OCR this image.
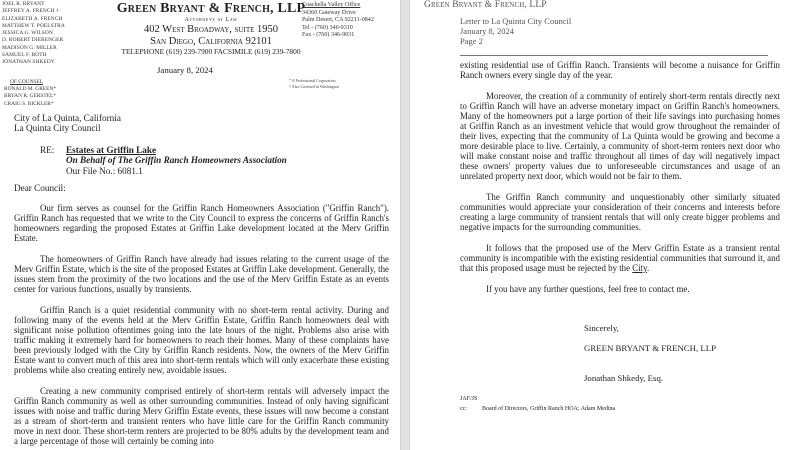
JOEL R. BRYANT
JEFFREY A. FRENCH †
ELIZABETH A. FRENCH
MATTHEW T. POELSTRA
JESSICA G. WILSON
D. ROBERT DIERENGER
MADISON G. MILLER
SAMUEL F. ROTH
JONATHAN SHKEDY
OF COUNSEL
RONALD M. GREEN*
BRYAN R. GERSTEL*
CRAIG S. BICKLER*
Green Bryant & French, LLP
Attorneys at Law
402 West Broadway, suite 1950
San Diego, California 92101
TELEPHONE (619) 239-7900 FACSIMILE (619) 239-7800
Coachella Valley Office
34360 Gateway Drive
Palm Desert, CA 92211-0842
Tel - (760) 346-9310
Fax - (760) 346-9031
* A Professional Corporation
† Also Licensed in Washington
January 8, 2024
City of La Quinta, California
La Quinta City Council
RE: Estates at Griffin Lake
On Behalf of The Griffin Ranch Homeowners Association
Our File No.: 6081.1
Dear Council:
Our firm serves as counsel for the Griffin Ranch Homeowners Association ("Griffin Ranch"). Griffin Ranch has requested that we write to the City Council to express the concerns of Griffin Ranch's homeowners regarding the proposed Estates at Griffin Lake development located at the Merv Griffin Estate.
The homeowners of Griffin Ranch have already had issues relating to the current usage of the Merv Griffin Estate, which is the site of the proposed Estates at Griffin Lake development. Generally, the issues stem from the proximity of the two locations and the use of the Merv Griffin Estate as an events center for various functions, usually by transients.
Griffin Ranch is a quiet residential community with no short-term rental activity. During and following many of the events held at the Merv Griffin Estate, Griffin Ranch homeowners deal with significant noise pollution oftentimes going into the late hours of the night. Problems also arise with traffic making it extremely hard for homeowners to reach their homes. Many of these complaints have been previously lodged with the City by Griffin Ranch residents. Now, the owners of the Merv Griffin Estate want to convert much of this area into short-term rentals which will only exacerbate these existing problems while also creating entirely new, avoidable issues.
Creating a new community comprised entirely of short-term rentals will adversely impact the Griffin Ranch community as well as other surrounding communities. Instead of only having significant issues with noise and traffic during Merv Griffin Estate events, these issues will now become a constant as a stream of short-term and transient renters who have little care for the Griffin Ranch community move in next door. These short-term renters are projected to be 80% adults by the development team and a large percentage of those will certainly be coming into
Green Bryant & French, LLP
Letter to La Quinta City Council
January 8, 2024
Page 2
existing residential use of Griffin Ranch. Transients will become a nuisance for Griffin Ranch owners every single day of the year.
Moreover, the creation of a community of entirely short-term rentals directly next to Griffin Ranch will have an adverse monetary impact on Griffin Ranch's homeowners. Many of the homeowners put a large portion of their life savings into purchasing homes at Griffin Ranch as an investment vehicle that would grow throughout the remainder of their lives, expecting that the community of La Quinta would be growing and become a more desirable place to live. Certainly, a community of short-term renters next door who will make constant noise and traffic throughout all times of day will negatively impact these owners' property values due to unforeseeable circumstances and usage of an unrelated property next door, which would not be fair to them.
The Griffin Ranch community and unquestionably other similarly situated communities would appreciate your consideration of their concerns and interests before creating a large community of transient rentals that will only create bigger problems and negative impacts for the surrounding communities.
It follows that the proposed use of the Merv Griffin Estate as a transient rental community is incompatible with the existing residential communities that surround it, and that this proposed usage must be rejected by the City.
If you have any further questions, feel free to contact me.
Sincerely,
GREEN BRYANT & FRENCH, LLP
Jonathan Shkedy, Esq.
JAF/JS
cc:	Board of Directors, Griffin Ranch HOA; Adam Medina
